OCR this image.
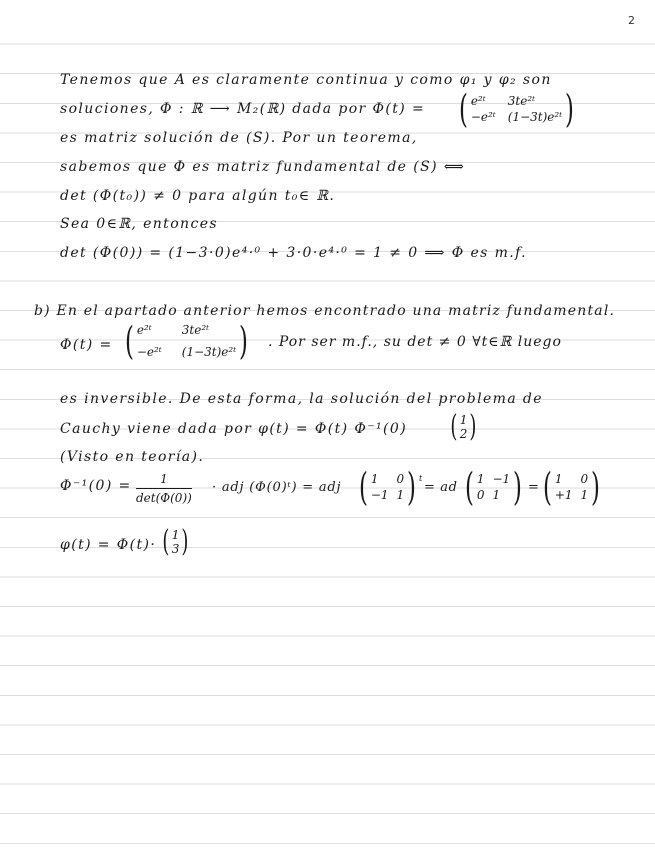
2
Tenemos que A es claramente continua y como φ₁ y φ₂ son
soluciones, Φ : ℝ ⟶ M₂(ℝ) dada por Φ(t) = ( e²ᵗ	3te²ᵗ
−e²ᵗ (1−3t)e²ᵗ )
es matriz solución de (S). Por un teorema,
sabemos que Φ es matriz fundamental de (S) ⟺
det (Φ(t₀)) ≠ 0 para algún t₀∈ ℝ.
Sea 0∈ℝ, entonces
det (Φ(0)) = (1−3·0)e⁴·⁰ + 3·0·e⁴·⁰ = 1 ≠ 0 ⟹ Φ es m.f.
b) En el apartado anterior hemos encontrado una matriz fundamental.
Φ(t) = ( e²ᵗ	3te²ᵗ
−e²ᵗ (1−3t)e²ᵗ ) . Por ser m.f., su det ≠ 0 ∀t∈ℝ luego
es inversible. De esta forma, la solución del problema de
Cauchy viene dada por φ(t) = Φ(t) Φ⁻¹(0) ( 1
2 )
(Visto en teoría).
Φ⁻¹(0) = 1
det(Φ(0))
· adj (Φ(0)ᵗ) = adj ( 1	0
−1 1 ) $^t$
= ad ( 1 −1
0 1 ) = ( 1	0
+1 1 )
φ(t) = Φ(t)· ( 1
3 )
